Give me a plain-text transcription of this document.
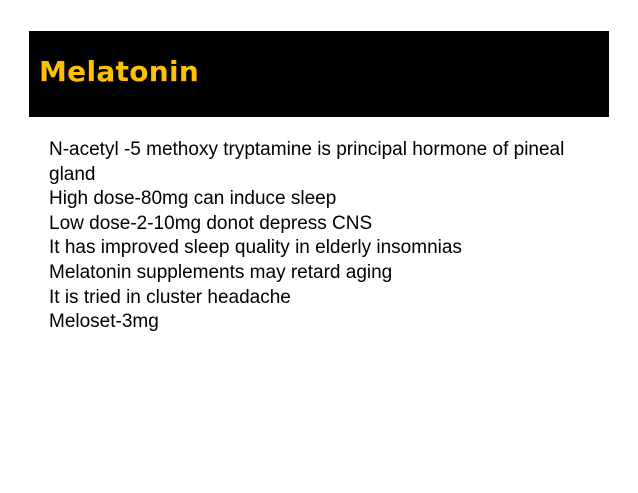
Melatonin
N-acetyl -5 methoxy tryptamine is principal hormone of pineal gland
High dose-80mg can induce sleep
Low dose-2-10mg donot depress CNS
It has improved sleep quality in elderly insomnias
Melatonin supplements may retard aging
It is tried in cluster headache
Meloset-3mg
